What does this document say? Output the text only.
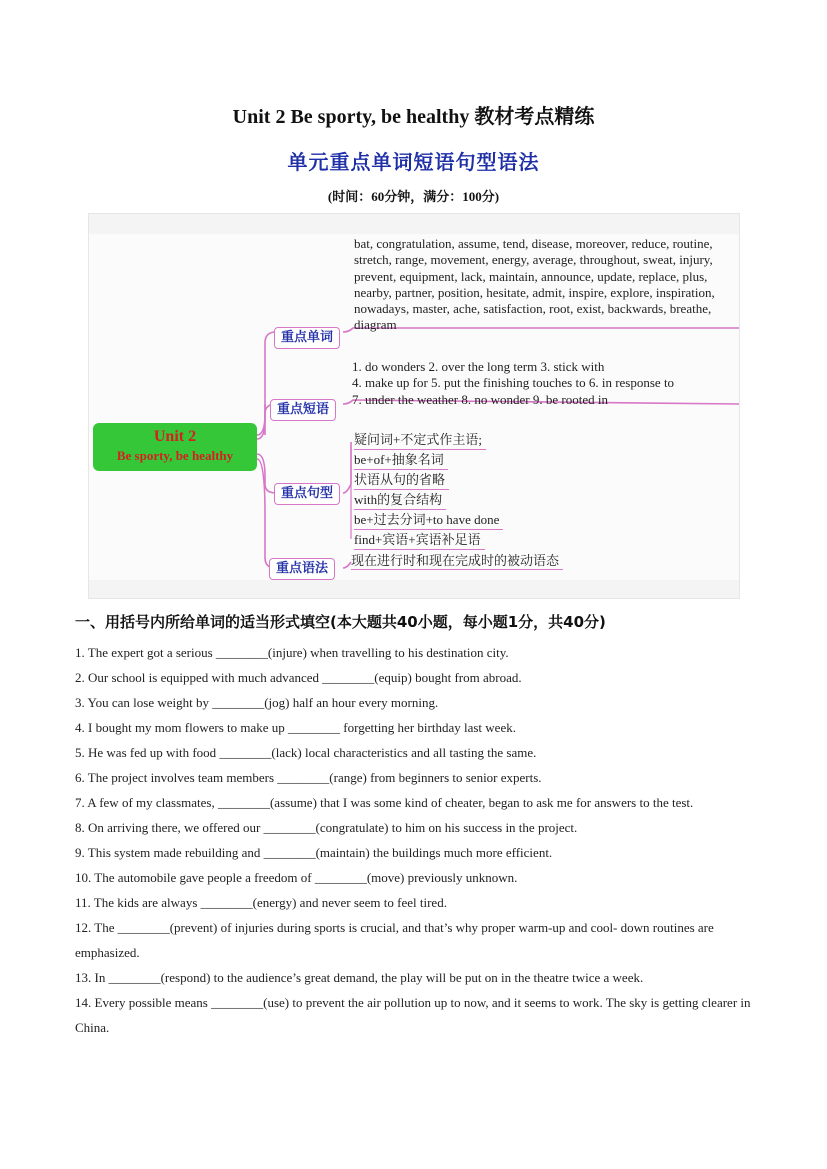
Unit 2 Be sporty, be healthy 教材考点精练
单元重点单词短语句型语法
(时间：60分钟，满分：100分)
Unit 2
Be sporty, be healthy
重点单词
重点短语
重点句型
重点语法
bat, congratulation, assume, tend, disease, moreover, reduce, routine, stretch, range, movement, energy, average, throughout, sweat, injury, prevent, equipment, lack, maintain, announce, update, replace, plus, nearby, partner, position, hesitate, admit, inspire, explore, inspiration, nowadays, master, ache, satisfaction, root, exist, backwards, breathe, diagram
1. do wonders 2. over the long term 3. stick with
4. make up for 5. put the finishing touches to 6. in response to
7. under the weather 8. no wonder 9. be rooted in
疑问词+不定式作主语;
be+of+抽象名词
状语从句的省略
with的复合结构
be+过去分词+to have done
find+宾语+宾语补足语
现在进行时和现在完成时的被动语态
一、用括号内所给单词的适当形式填空(本大题共40小题，每小题1分，共40分)
1. The expert got a serious ________(injure) when travelling to his destination city.
2. Our school is equipped with much advanced ________(equip) bought from abroad.
3. You can lose weight by ________(jog) half an hour every morning.
4. I bought my mom flowers to make up ________ forgetting her birthday last week.
5. He was fed up with food ________(lack) local characteristics and all tasting the same.
6. The project involves team members ________(range) from beginners to senior experts.
7. A few of my classmates, ________(assume) that I was some kind of cheater, began to ask me for answers to the test.
8. On arriving there, we offered our ________(congratulate) to him on his success in the project.
9. This system made rebuilding and ________(maintain) the buildings much more efficient.
10. The automobile gave people a freedom of ________(move) previously unknown.
11. The kids are always ________(energy) and never seem to feel tired.
12. The ________(prevent) of injuries during sports is crucial, and that’s why proper warm-up and cool- down routines are emphasized.
13. In ________(respond) to the audience’s great demand, the play will be put on in the theatre twice a week.
14. Every possible means ________(use) to prevent the air pollution up to now, and it seems to work. The sky is getting clearer in China.
